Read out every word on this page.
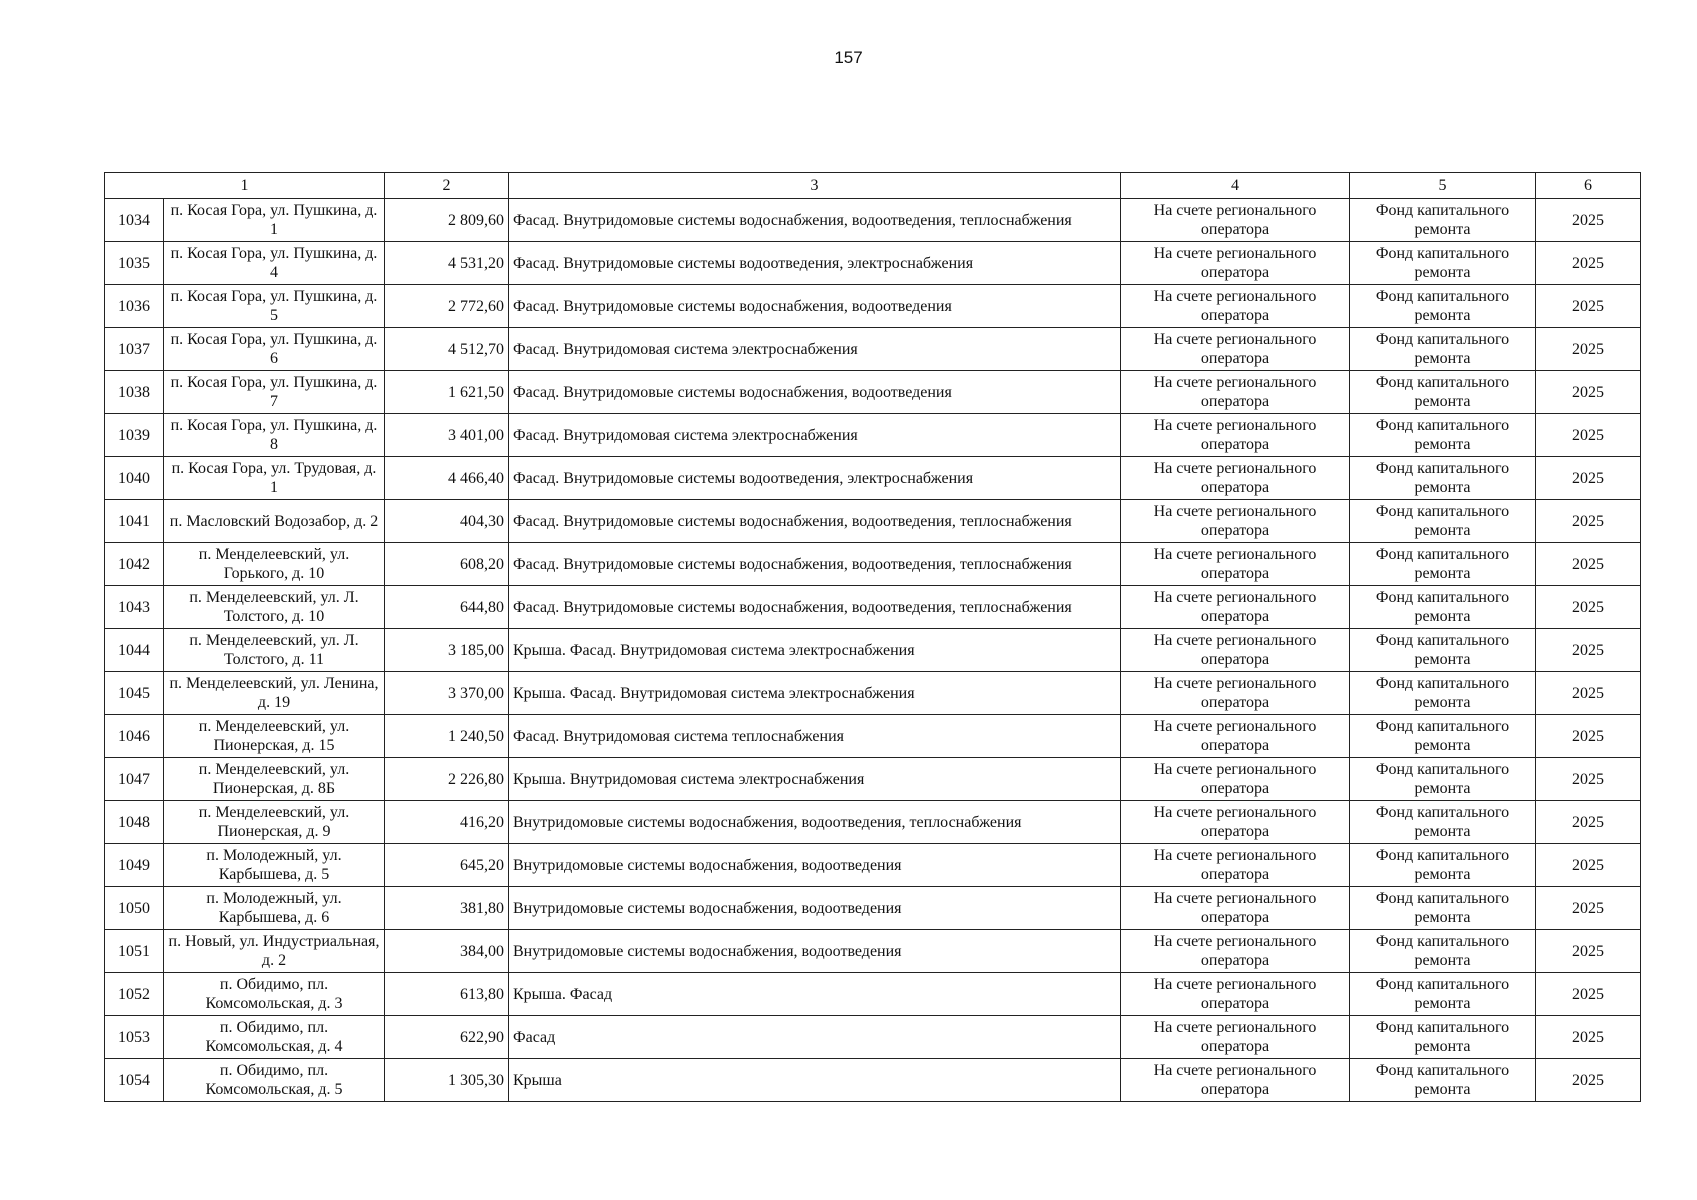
157
1		2	3	4	5	6
1034	п. Косая Гора, ул. Пушкина, д. 1	2 809,60	Фасад. Внутридомовые системы водоснабжения, водоотведения, теплоснабжения	На счете регионального оператора	Фонд капитального ремонта	2025
1035	п. Косая Гора, ул. Пушкина, д. 4	4 531,20	Фасад. Внутридомовые системы водоотведения, электроснабжения	На счете регионального оператора	Фонд капитального ремонта	2025
1036	п. Косая Гора, ул. Пушкина, д. 5	2 772,60	Фасад. Внутридомовые системы водоснабжения, водоотведения	На счете регионального оператора	Фонд капитального ремонта	2025
1037	п. Косая Гора, ул. Пушкина, д. 6	4 512,70	Фасад. Внутридомовая система электроснабжения	На счете регионального оператора	Фонд капитального ремонта	2025
1038	п. Косая Гора, ул. Пушкина, д. 7	1 621,50	Фасад. Внутридомовые системы водоснабжения, водоотведения	На счете регионального оператора	Фонд капитального ремонта	2025
1039	п. Косая Гора, ул. Пушкина, д. 8	3 401,00	Фасад. Внутридомовая система электроснабжения	На счете регионального оператора	Фонд капитального ремонта	2025
1040	п. Косая Гора, ул. Трудовая, д. 1	4 466,40	Фасад. Внутридомовые системы водоотведения, электроснабжения	На счете регионального оператора	Фонд капитального ремонта	2025
1041	п. Масловский Водозабор, д. 2	404,30	Фасад. Внутридомовые системы водоснабжения, водоотведения, теплоснабжения	На счете регионального оператора	Фонд капитального ремонта	2025
1042	п. Менделеевский, ул. Горького, д. 10	608,20	Фасад. Внутридомовые системы водоснабжения, водоотведения, теплоснабжения	На счете регионального оператора	Фонд капитального ремонта	2025
1043	п. Менделеевский, ул. Л. Толстого, д. 10	644,80	Фасад. Внутридомовые системы водоснабжения, водоотведения, теплоснабжения	На счете регионального оператора	Фонд капитального ремонта	2025
1044	п. Менделеевский, ул. Л. Толстого, д. 11	3 185,00	Крыша. Фасад. Внутридомовая система электроснабжения	На счете регионального оператора	Фонд капитального ремонта	2025
1045	п. Менделеевский, ул. Ленина, д. 19	3 370,00	Крыша. Фасад. Внутридомовая система электроснабжения	На счете регионального оператора	Фонд капитального ремонта	2025
1046	п. Менделеевский, ул. Пионерская, д. 15	1 240,50	Фасад. Внутридомовая система теплоснабжения	На счете регионального оператора	Фонд капитального ремонта	2025
1047	п. Менделеевский, ул. Пионерская, д. 8Б	2 226,80	Крыша. Внутридомовая система электроснабжения	На счете регионального оператора	Фонд капитального ремонта	2025
1048	п. Менделеевский, ул. Пионерская, д. 9	416,20	Внутридомовые системы водоснабжения, водоотведения, теплоснабжения	На счете регионального оператора	Фонд капитального ремонта	2025
1049	п. Молодежный, ул. Карбышева, д. 5	645,20	Внутридомовые системы водоснабжения, водоотведения	На счете регионального оператора	Фонд капитального ремонта	2025
1050	п. Молодежный, ул. Карбышева, д. 6	381,80	Внутридомовые системы водоснабжения, водоотведения	На счете регионального оператора	Фонд капитального ремонта	2025
1051	п. Новый, ул. Индустриальная, д. 2	384,00	Внутридомовые системы водоснабжения, водоотведения	На счете регионального оператора	Фонд капитального ремонта	2025
1052	п. Обидимо, пл. Комсомольская, д. 3	613,80	Крыша. Фасад	На счете регионального оператора	Фонд капитального ремонта	2025
1053	п. Обидимо, пл. Комсомольская, д. 4	622,90	Фасад	На счете регионального оператора	Фонд капитального ремонта	2025
1054	п. Обидимо, пл. Комсомольская, д. 5	1 305,30	Крыша	На счете регионального оператора	Фонд капитального ремонта	2025
